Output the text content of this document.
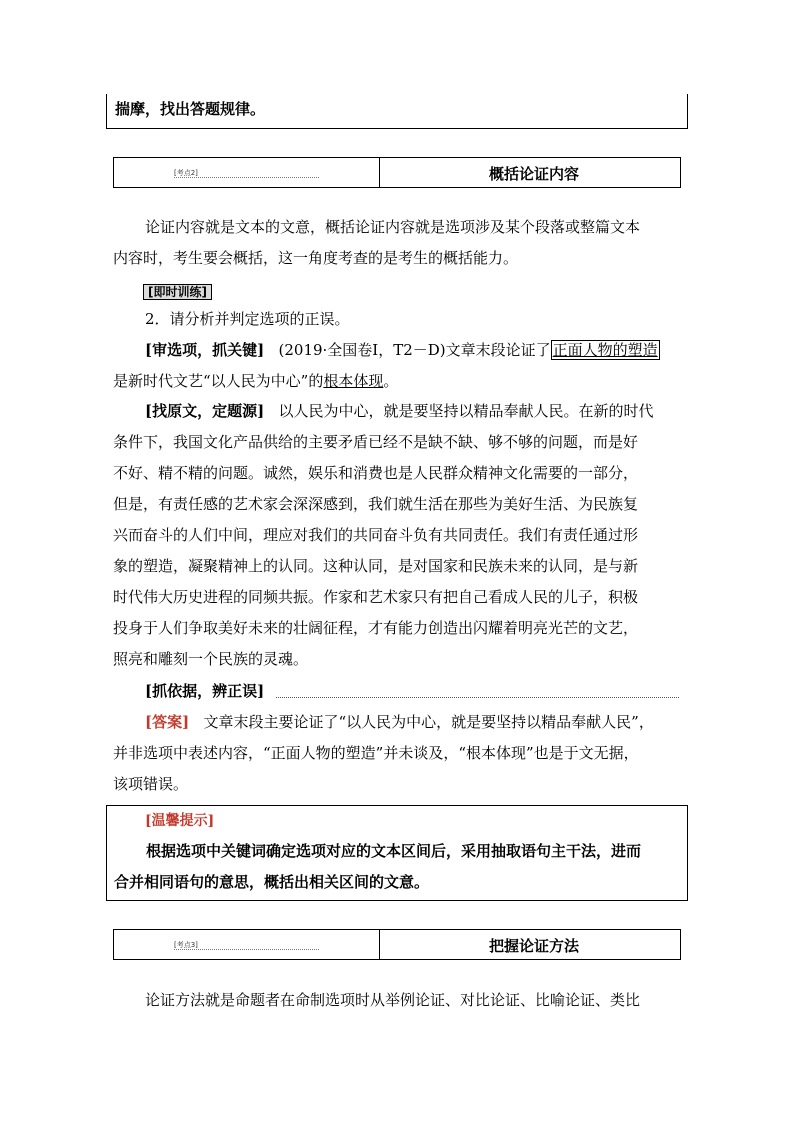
揣摩，找出答题规律。
[考点2]	概括论证内容
论证内容就是文本的文意，概括论证内容就是选项涉及某个段落或整篇文本
内容时，考生要会概括，这一角度考查的是考生的概括能力。
[即时训练]
2．请分析并判定选项的正误。
[审选项，抓关键] (2019·全国卷Ⅰ，T2－D)文章末段论证了 正面人物的塑造
是新时代文艺“以人民为中心”的根本体现。
[找原文，定题源] 以人民为中心，就是要坚持以精品奉献人民。在新的时代
条件下，我国文化产品供给的主要矛盾已经不是缺不缺、够不够的问题，而是好
不好、精不精的问题。诚然，娱乐和消费也是人民群众精神文化需要的一部分，
但是，有责任感的艺术家会深深感到，我们就生活在那些为美好生活、为民族复
兴而奋斗的人们中间，理应对我们的共同奋斗负有共同责任。我们有责任通过形
象的塑造，凝聚精神上的认同。这种认同，是对国家和民族未来的认同，是与新
时代伟大历史进程的同频共振。作家和艺术家只有把自己看成人民的儿子，积极
投身于人们争取美好未来的壮阔征程，才有能力创造出闪耀着明亮光芒的文艺，
照亮和雕刻一个民族的灵魂。
[抓依据，辨正误]
[答案] 文章末段主要论证了“以人民为中心，就是要坚持以精品奉献人民”，
并非选项中表述内容，“正面人物的塑造”并未谈及，“根本体现”也是于文无据，
该项错误。
[温馨提示]
根据选项中关键词确定选项对应的文本区间后，采用抽取语句主干法，进而
合并相同语句的意思，概括出相关区间的文意。
[考点3]	把握论证方法
论证方法就是命题者在命制选项时从举例论证、对比论证、比喻论证、类比
